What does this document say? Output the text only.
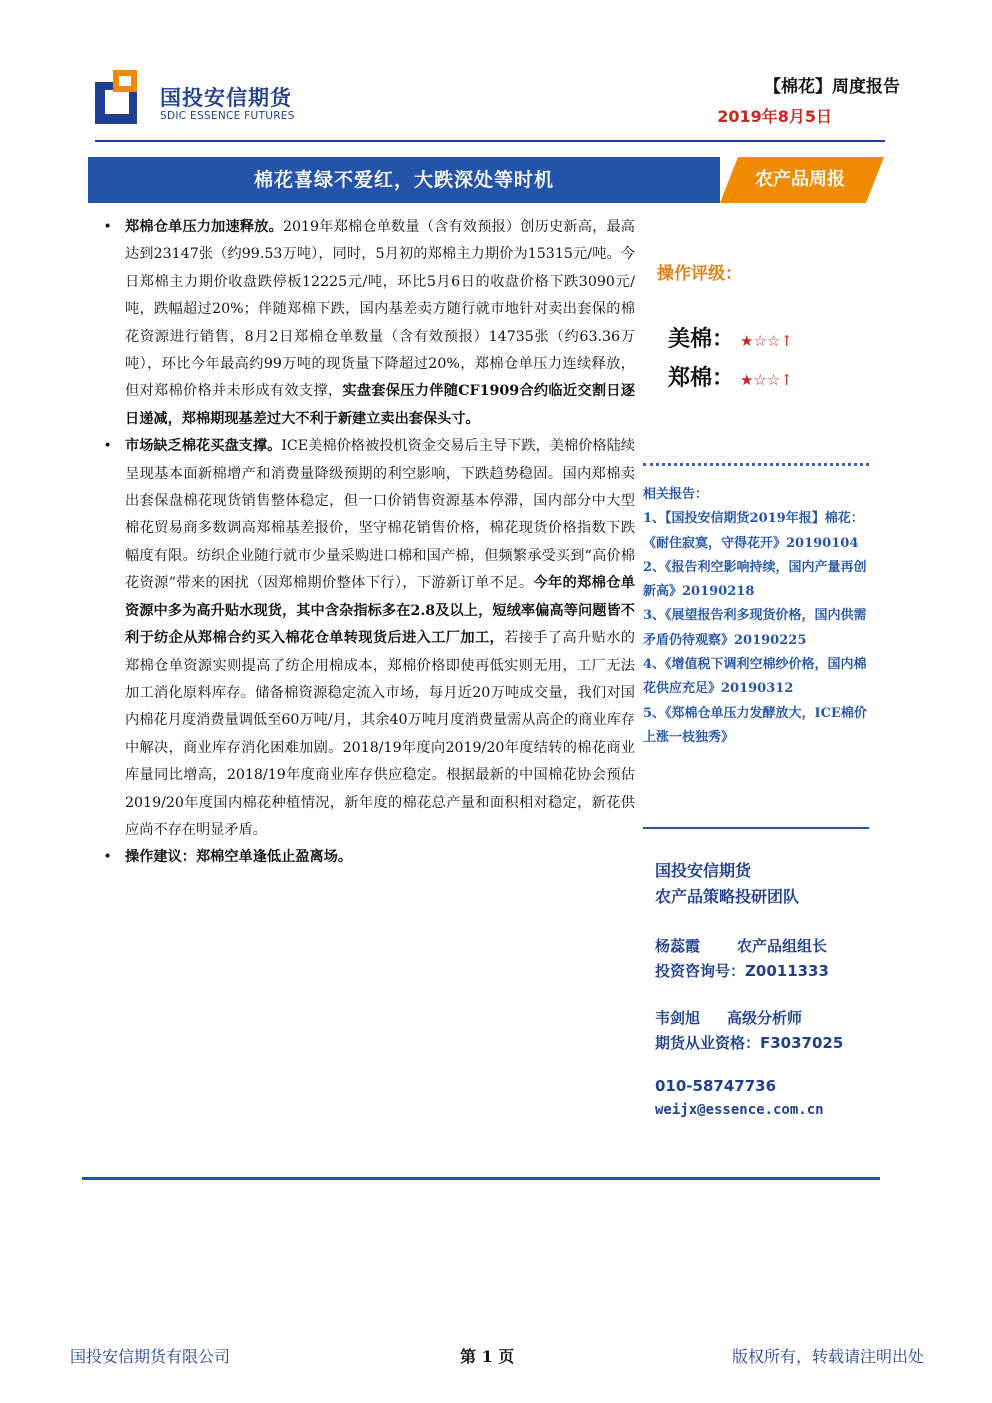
国投安信期货
SDIC ESSENCE FUTURES
【棉花】周度报告
2019年8月5日
棉花喜绿不爱红，大跌深处等时机	农产品周报
• 郑棉仓单压力加速释放。2019年郑棉仓单数量（含有效预报）创历史新高，最高达到23147张（约99.53万吨），同时，5月初的郑棉主力期价为15315元/吨。今日郑棉主力期价收盘跌停板12225元/吨，环比5月6日的收盘价格下跌3090元/吨，跌幅超过20%；伴随郑棉下跌，国内基差卖方随行就市地针对卖出套保的棉花资源进行销售，8月2日郑棉仓单数量（含有效预报）14735张（约63.36万吨），环比今年最高约99万吨的现货量下降超过20%，郑棉仓单压力连续释放，但对郑棉价格并未形成有效支撑，实盘套保压力伴随CF1909合约临近交割日逐日递减，郑棉期现基差过大不利于新建立卖出套保头寸。
• 市场缺乏棉花买盘支撑。ICE美棉价格被投机资金交易后主导下跌，美棉价格陆续呈现基本面新棉增产和消费量降级预期的利空影响，下跌趋势稳固。国内郑棉卖出套保盘棉花现货销售整体稳定，但一口价销售资源基本停滞，国内部分中大型棉花贸易商多数调高郑棉基差报价，坚守棉花销售价格，棉花现货价格指数下跌幅度有限。纺织企业随行就市少量采购进口棉和国产棉，但频繁承受买到“高价棉花资源”带来的困扰（因郑棉期价整体下行），下游新订单不足。今年的郑棉仓单资源中多为高升贴水现货，其中含杂指标多在2.8及以上，短绒率偏高等问题皆不利于纺企从郑棉合约买入棉花仓单转现货后进入工厂加工，若接手了高升贴水的郑棉仓单资源实则提高了纺企用棉成本，郑棉价格即使再低实则无用，工厂无法加工消化原料库存。储备棉资源稳定流入市场，每月近20万吨成交量，我们对国内棉花月度消费量调低至60万吨/月，其余40万吨月度消费量需从高企的商业库存中解决，商业库存消化困难加剧。2018/19年度向2019/20年度结转的棉花商业库量同比增高，2018/19年度商业库存供应稳定。根据最新的中国棉花协会预估2019/20年度国内棉花种植情况，新年度的棉花总产量和面积相对稳定，新花供应尚不存在明显矛盾。
• 操作建议：郑棉空单逢低止盈离场。
操作评级：
美棉： ★☆☆↑
郑棉： ★☆☆↑
相关报告：
1、【国投安信期货2019年报】棉花：《耐住寂寞，守得花开》20190104
2、《报告利空影响持续，国内产量再创新高》20190218
3、《展望报告利多现货价格，国内供需矛盾仍待观察》20190225
4、《增值税下调利空棉纱价格，国内棉花供应充足》20190312
5、《郑棉仓单压力发酵放大，ICE棉价上涨一枝独秀》
国投安信期货
农产品策略投研团队
杨蕊霞 农产品组组长
投资咨询号：Z0011333
韦剑旭 高级分析师
期货从业资格：F3037025
010-58747736
weijx@essence.com.cn
国投安信期货有限公司	第 1 页	版权所有，转载请注明出处
